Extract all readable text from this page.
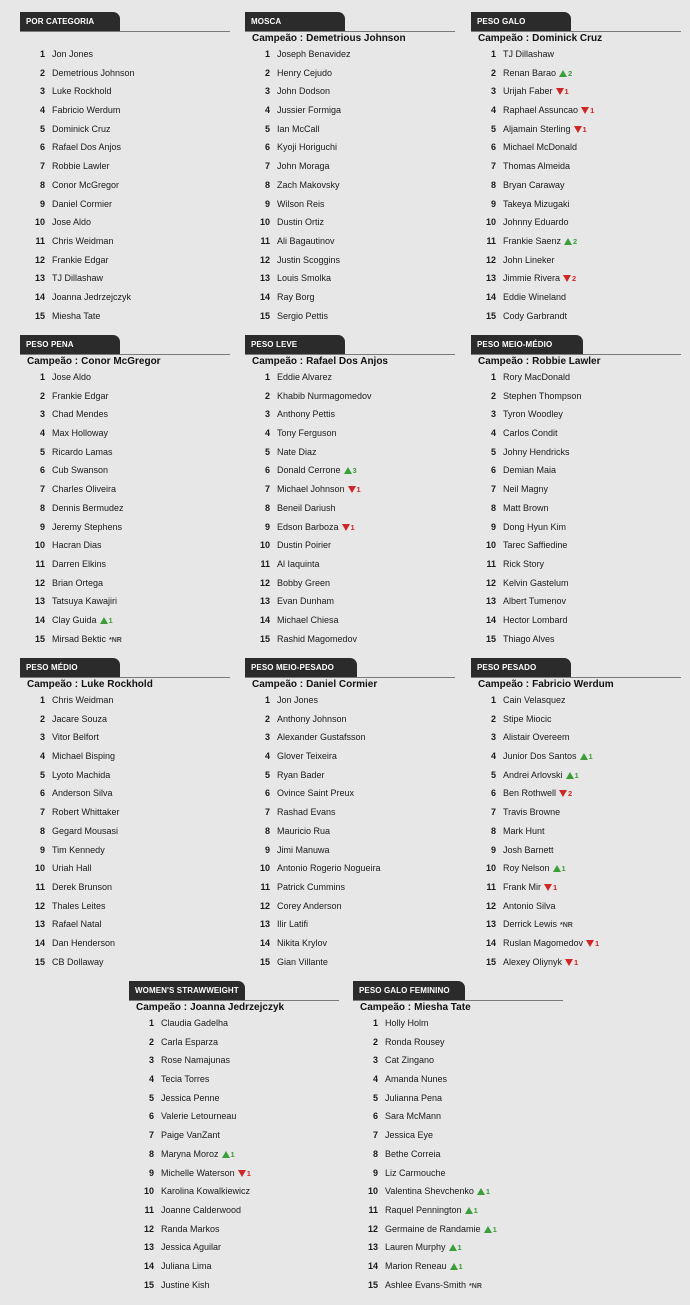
POR CATEGORIA
1 Jon Jones
2 Demetrious Johnson
3 Luke Rockhold
4 Fabricio Werdum
5 Dominick Cruz
6 Rafael Dos Anjos
7 Robbie Lawler
8 Conor McGregor
9 Daniel Cormier
10 Jose Aldo
11 Chris Weidman
12 Frankie Edgar
13 TJ Dillashaw
14 Joanna Jedrzejczyk
15 Miesha Tate
MOSCA
Campeão : Demetrious Johnson
1 Joseph Benavidez
2 Henry Cejudo
3 John Dodson
4 Jussier Formiga
5 Ian McCall
6 Kyoji Horiguchi
7 John Moraga
8 Zach Makovsky
9 Wilson Reis
10 Dustin Ortiz
11 Ali Bagautinov
12 Justin Scoggins
13 Louis Smolka
14 Ray Borg
15 Sergio Pettis
PESO GALO
Campeão : Dominick Cruz
1 TJ Dillashaw
2 Renan Barao 2
3 Urijah Faber 1
4 Raphael Assuncao 1
5 Aljamain Sterling 1
6 Michael McDonald
7 Thomas Almeida
8 Bryan Caraway
9 Takeya Mizugaki
10 Johnny Eduardo
11 Frankie Saenz 2
12 John Lineker
13 Jimmie Rivera 2
14 Eddie Wineland
15 Cody Garbrandt
PESO PENA
Campeão : Conor McGregor
1 Jose Aldo
2 Frankie Edgar
3 Chad Mendes
4 Max Holloway
5 Ricardo Lamas
6 Cub Swanson
7 Charles Oliveira
8 Dennis Bermudez
9 Jeremy Stephens
10 Hacran Dias
11 Darren Elkins
12 Brian Ortega
13 Tatsuya Kawajiri
14 Clay Guida 1
15 Mirsad Bektic *NR
PESO LEVE
Campeão : Rafael Dos Anjos
1 Eddie Alvarez
2 Khabib Nurmagomedov
3 Anthony Pettis
4 Tony Ferguson
5 Nate Diaz
6 Donald Cerrone 3
7 Michael Johnson 1
8 Beneil Dariush
9 Edson Barboza 1
10 Dustin Poirier
11 Al Iaquinta
12 Bobby Green
13 Evan Dunham
14 Michael Chiesa
15 Rashid Magomedov
PESO MEIO-MÉDIO
Campeão : Robbie Lawler
1 Rory MacDonald
2 Stephen Thompson
3 Tyron Woodley
4 Carlos Condit
5 Johny Hendricks
6 Demian Maia
7 Neil Magny
8 Matt Brown
9 Dong Hyun Kim
10 Tarec Saffiedine
11 Rick Story
12 Kelvin Gastelum
13 Albert Tumenov
14 Hector Lombard
15 Thiago Alves
PESO MÉDIO
Campeão : Luke Rockhold
1 Chris Weidman
2 Jacare Souza
3 Vitor Belfort
4 Michael Bisping
5 Lyoto Machida
6 Anderson Silva
7 Robert Whittaker
8 Gegard Mousasi
9 Tim Kennedy
10 Uriah Hall
11 Derek Brunson
12 Thales Leites
13 Rafael Natal
14 Dan Henderson
15 CB Dollaway
PESO MEIO-PESADO
Campeão : Daniel Cormier
1 Jon Jones
2 Anthony Johnson
3 Alexander Gustafsson
4 Glover Teixeira
5 Ryan Bader
6 Ovince Saint Preux
7 Rashad Evans
8 Mauricio Rua
9 Jimi Manuwa
10 Antonio Rogerio Nogueira
11 Patrick Cummins
12 Corey Anderson
13 Ilir Latifi
14 Nikita Krylov
15 Gian Villante
PESO PESADO
Campeão : Fabricio Werdum
1 Cain Velasquez
2 Stipe Miocic
3 Alistair Overeem
4 Junior Dos Santos 1
5 Andrei Arlovski 1
6 Ben Rothwell 2
7 Travis Browne
8 Mark Hunt
9 Josh Barnett
10 Roy Nelson 1
11 Frank Mir 1
12 Antonio Silva
13 Derrick Lewis *NR
14 Ruslan Magomedov 1
15 Alexey Oliynyk 1
WOMEN'S STRAWWEIGHT
Campeão : Joanna Jedrzejczyk
1 Claudia Gadelha
2 Carla Esparza
3 Rose Namajunas
4 Tecia Torres
5 Jessica Penne
6 Valerie Letourneau
7 Paige VanZant
8 Maryna Moroz 1
9 Michelle Waterson 1
10 Karolina Kowalkiewicz
11 Joanne Calderwood
12 Randa Markos
13 Jessica Aguilar
14 Juliana Lima
15 Justine Kish
PESO GALO FEMININO
Campeão : Miesha Tate
1 Holly Holm
2 Ronda Rousey
3 Cat Zingano
4 Amanda Nunes
5 Julianna Pena
6 Sara McMann
7 Jessica Eye
8 Bethe Correia
9 Liz Carmouche
10 Valentina Shevchenko 1
11 Raquel Pennington 1
12 Germaine de Randamie 1
13 Lauren Murphy 1
14 Marion Reneau 1
15 Ashlee Evans-Smith *NR
